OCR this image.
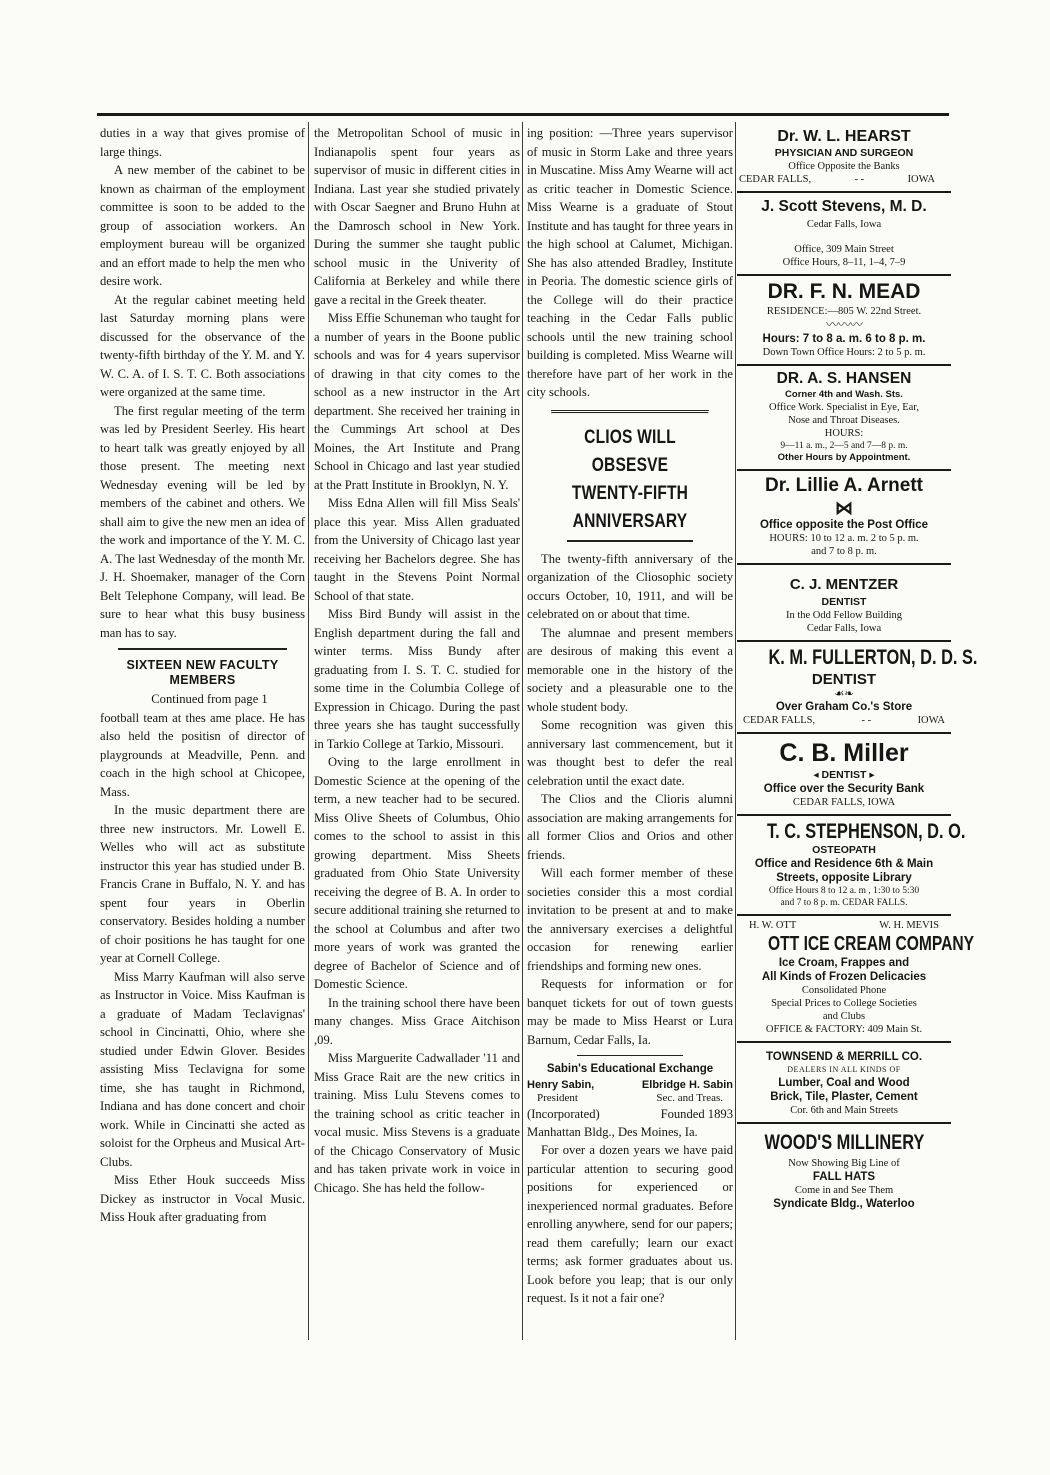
duties in a way that gives promise of large things.

A new member of the cabinet to be known as chairman of the employment committee is soon to be added to the group of association workers. An employment bureau will be organized and an effort made to help the men who desire work.

At the regular cabinet meeting held last Saturday morning plans were discussed for the observance of the twenty-fifth birthday of the Y. M. and Y. W. C. A. of I. S. T. C. Both associations were organized at the same time.

The first regular meeting of the term was led by President Seerley. His heart to heart talk was greatly enjoyed by all those present. The meeting next Wednesday evening will be led by members of the cabinet and others. We shall aim to give the new men an idea of the work and importance of the Y. M. C. A. The last Wednesday of the month Mr. J. H. Shoemaker, manager of the Corn Belt Telephone Company, will lead. Be sure to hear what this busy business man has to say.

SIXTEEN NEW FACULTY MEMBERS

Continued from page 1

football team at thes ame place. He has also held the positisn of director of playgrounds at Meadville, Penn. and coach in the high school at Chicopee, Mass.

In the music department there are three new instructors. Mr. Lowell E. Welles who will act as substitute instructor this year has studied under B. Francis Crane in Buffalo, N. Y. and has spent four years in Oberlin conservatory. Besides holding a number of choir positions he has taught for one year at Cornell College.

Miss Marry Kaufman will also serve as Instructor in Voice. Miss Kaufman is a graduate of Madam Teclavignas' school in Cincinatti, Ohio, where she studied under Edwin Glover. Besides assisting Miss Teclavigna for some time, she has taught in Richmond, Indiana and has done concert and choir work. While in Cincinatti she acted as soloist for the Orpheus and Musical Art-Clubs.

Miss Ether Houk succeeds Miss Dickey as instructor in Vocal Music. Miss Houk after graduating from

the Metropolitan School of music in Indianapolis spent four years as supervisor of music in different cities in Indiana. Last year she studied privately with Oscar Saegner and Bruno Huhn at the Damrosch school in New York. During the summer she taught public school music in the Univerity of California at Berkeley and while there gave a recital in the Greek theater.

Miss Effie Schuneman who taught for a number of years in the Boone public schools and was for 4 years supervisor of drawing in that city comes to the school as a new instructor in the Art department. She received her training in the Cummings Art school at Des Moines, the Art Institute and Prang School in Chicago and last year studied at the Pratt Institute in Brooklyn, N. Y.

Miss Edna Allen will fill Miss Seals' place this year. Miss Allen graduated from the University of Chicago last year receiving her Bachelors degree. She has taught in the Stevens Point Normal School of that state.

Miss Bird Bundy will assist in the English department during the fall and winter terms. Miss Bundy after graduating from I. S. T. C. studied for some time in the Columbia College of Expression in Chicago. During the past three years she has taught successfully in Tarkio College at Tarkio, Missouri.

Oving to the large enrollment in Domestic Science at the opening of the term, a new teacher had to be secured. Miss Olive Sheets of Columbus, Ohio comes to the school to assist in this growing department. Miss Sheets graduated from Ohio State University receiving the degree of B. A. In order to secure additional training she returned to the school at Columbus and after two more years of work was granted the degree of Bachelor of Science and of Domestic Science.

In the training school there have been many changes. Miss Grace Aitchison ,09.

Miss Marguerite Cadwallader '11 and Miss Grace Rait are the new critics in training. Miss Lulu Stevens comes to the training school as critic teacher in vocal music. Miss Stevens is a graduate of the Chicago Conservatory of Music and has taken private work in voice in Chicago. She has held the follow-

ing position: —Three years supervisor of music in Storm Lake and three years in Muscatine. Miss Amy Wearne will act as critic teacher in Domestic Science. Miss Wearne is a graduate of Stout Institute and has taught for three years in the high school at Calumet, Michigan. She has also attended Bradley, Institute in Peoria. The domestic science girls of the College will do their practice teaching in the Cedar Falls public schools until the new training school building is completed. Miss Wearne will therefore have part of her work in the city schools.

CLIOS WILL OBSESVE
TWENTY-FIFTH ANNIVERSARY

The twenty-fifth anniversary of the organization of the Cliosophic society occurs October, 10, 1911, and will be celebrated on or about that time.

The alumnae and present members are desirous of making this event a memorable one in the history of the society and a pleasurable one to the whole student body.

Some recognition was given this anniversary last commencement, but it was thought best to defer the real celebration until the exact date.

The Clios and the Clioris alumni association are making arrangements for all former Clios and Orios and other friends.

Will each former member of these societies consider this a most cordial invitation to be present at and to make the anniversary exercises a delightful occasion for renewing earlier friendships and forming new ones.

Requests for information or for banquet tickets for out of town guests may be made to Miss Hearst or Lura Barnum, Cedar Falls, Ia.

Sabin's Educational Exchange
Henry Sabin,	Elbridge H. Sabin
President	Sec. and Treas.
(Incorporated)	Founded 1893

Manhattan Bldg., Des Moines, Ia.

For over a dozen years we have paid particular attention to securing good positions for experienced or inexperienced normal graduates. Before enrolling anywhere, send for our papers; read them carefully; learn our exact terms; ask former graduates about us. Look before you leap; that is our only request. Is it not a fair one?

Dr. W. L. HEARST
PHYSICIAN AND SURGEON
Office Opposite the Banks
CEDAR FALLS,	- -	IOWA
J. Scott Stevens, M. D.
Cedar Falls, Iowa
Office, 309 Main Street
Office Hours, 8–11, 1–4, 7–9
DR. F. N. MEAD
RESIDENCE:—805 W. 22nd Street.
〰〰〰
Hours: 7 to 8 a. m. 6 to 8 p. m.
Down Town Office Hours: 2 to 5 p. m.
DR. A. S. HANSEN
Corner 4th and Wash. Sts.
Office Work. Specialist in Eye, Ear,
Nose and Throat Diseases.
HOURS:
9—11 a. m., 2—5 and 7—8 p. m.
Other Hours by Appointment.
Dr. Lillie A. Arnett
⋈
Office opposite the Post Office
HOURS: 10 to 12 a. m. 2 to 5 p. m.
and 7 to 8 p. m.
C. J. MENTZER
DENTIST
In the Odd Fellow Building
Cedar Falls, Iowa
K. M. FULLERTON, D. D. S.
DENTIST
☙❧
Over Graham Co.'s Store
CEDAR FALLS,	- -	IOWA
C. B. Miller
◂ DENTIST ▸
Office over the Security Bank
CEDAR FALLS, IOWA
T. C. STEPHENSON, D. O.
OSTEOPATH
Office and Residence 6th & Main
Streets, opposite Library
Office Hours 8 to 12 a. m , 1:30 to 5:30
and 7 to 8 p. m. CEDAR FALLS.
H. W. OTT	W. H. MEVIS
OTT ICE CREAM COMPANY
Ice Croam, Frappes and
All Kinds of Frozen Delicacies
Consolidated Phone
Special Prices to College Societies
and Clubs
OFFICE & FACTORY: 409 Main St.
TOWNSEND & MERRILL CO.
DEALERS IN ALL KINDS OF
Lumber, Coal and Wood
Brick, Tile, Plaster, Cement
Cor. 6th and Main Streets
WOOD'S MILLINERY
Now Showing Big Line of
FALL HATS
Come in and See Them
Syndicate Bldg., Waterloo
